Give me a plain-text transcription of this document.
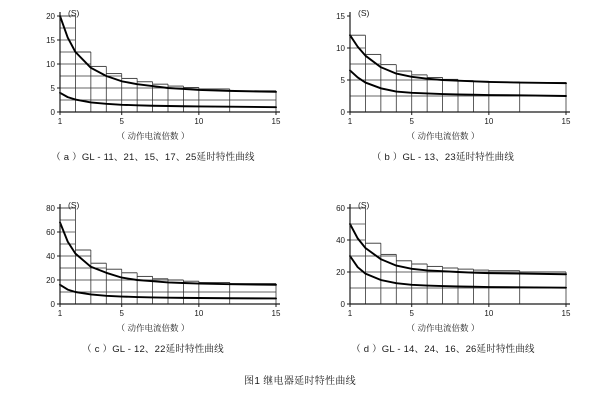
0
5
10
15
20
1	5	10	15
(S)
（ 动作电流倍数 ）
（ a ）GL - 11、21、15、17、25延时特性曲线
0
5
10
15
1	5	10	15
(S)
（ 动作电流倍数 ）
（ b ）GL - 13、23延时特性曲线
0
20
40
60
80
1	5	10	15
(S)
（ 动作电流倍数 ）
（ c ）GL - 12、22延时特性曲线
0
20
40
60
1	5	10	15
(S)
（ 动作电流倍数 ）
（ d ）GL - 14、24、16、26延时特性曲线
图1 继电器延时特性曲线
